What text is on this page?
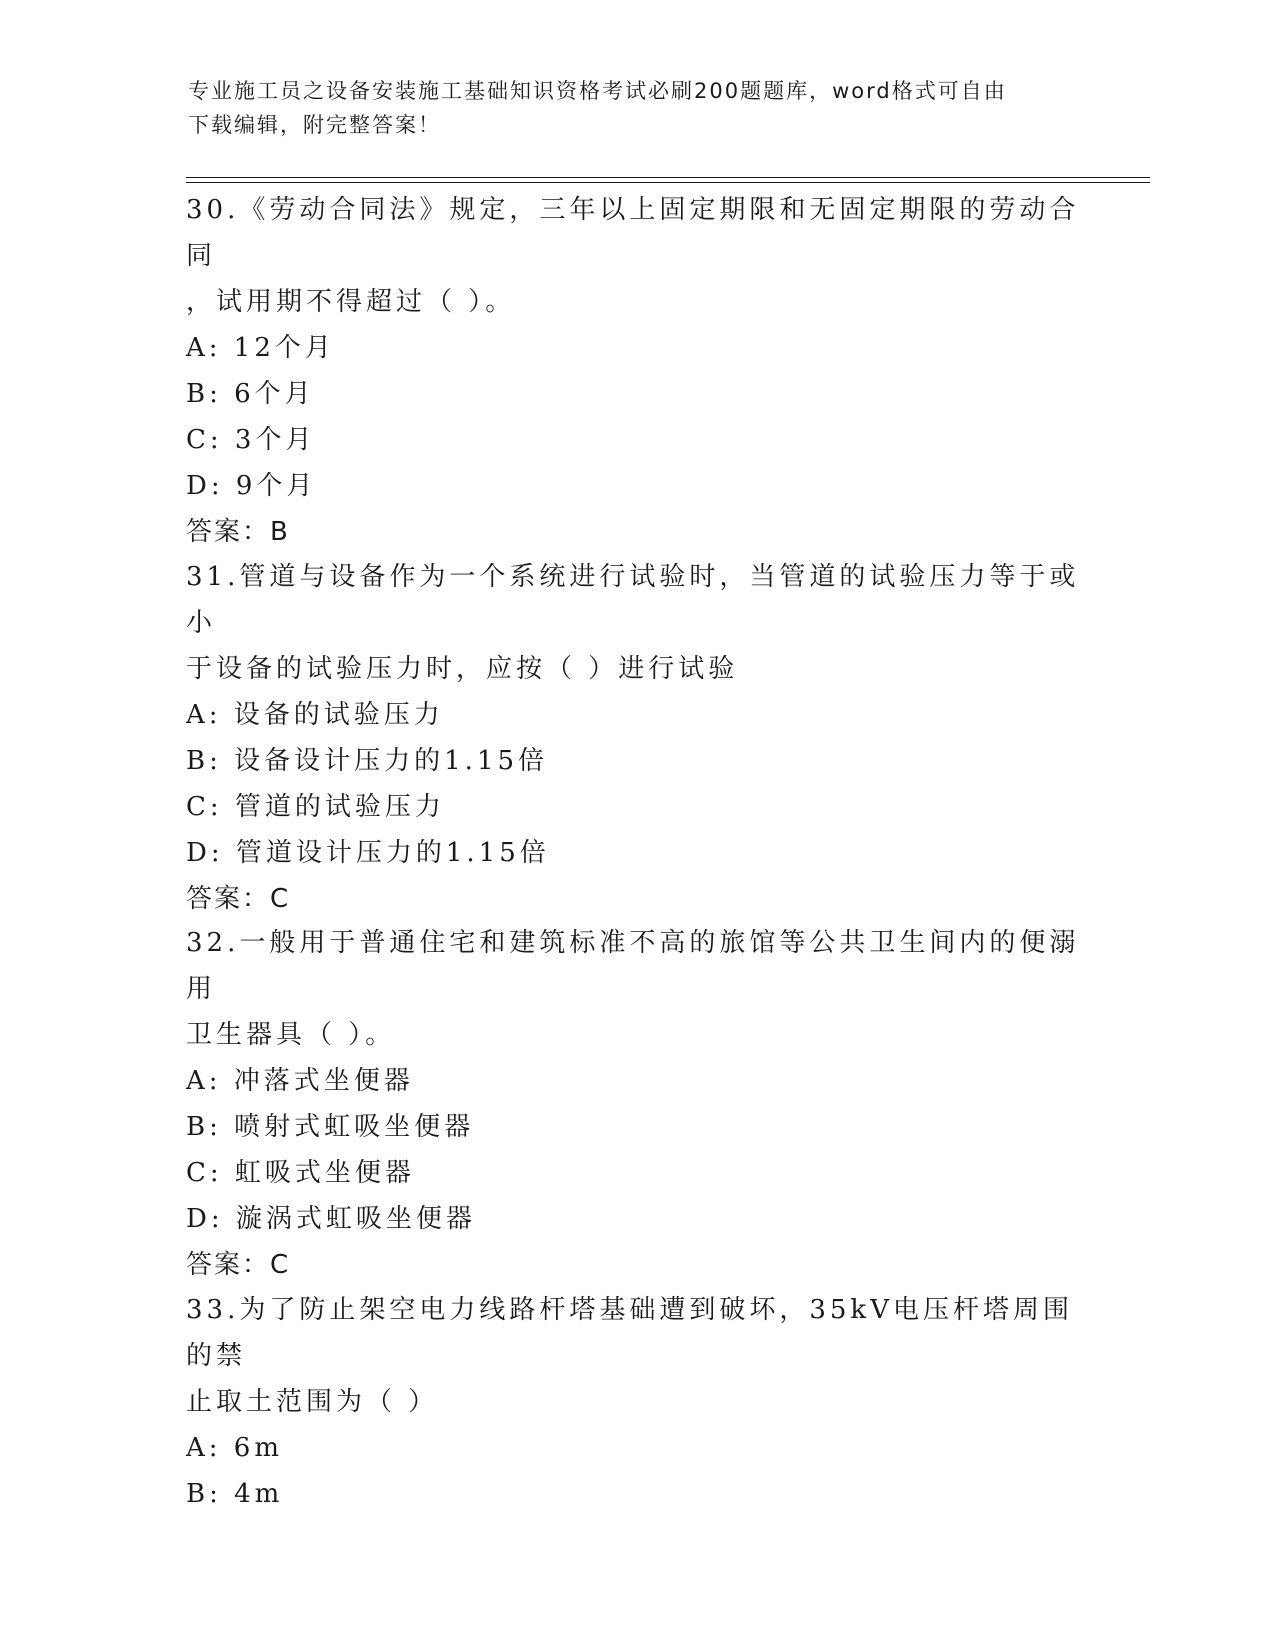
专业施工员之设备安装施工基础知识资格考试必刷200题题库，word格式可自由
下载编辑，附完整答案！

30.《劳动合同法》规定，三年以上固定期限和无固定期限的劳动合同

，试用期不得超过（ ）。

A: 12个月

B: 6个月

C: 3个月

D: 9个月

答案：B

31.管道与设备作为一个系统进行试验时，当管道的试验压力等于或小

于设备的试验压力时，应按（ ）进行试验

A: 设备的试验压力

B: 设备设计压力的1.15倍

C: 管道的试验压力

D: 管道设计压力的1.15倍

答案：C

32.一般用于普通住宅和建筑标准不高的旅馆等公共卫生间内的便溺用

卫生器具（ ）。

A: 冲落式坐便器

B: 喷射式虹吸坐便器

C: 虹吸式坐便器

D: 漩涡式虹吸坐便器

答案：C

33.为了防止架空电力线路杆塔基础遭到破坏，35kV电压杆塔周围的禁

止取土范围为（ ）

A: 6m

B: 4m
